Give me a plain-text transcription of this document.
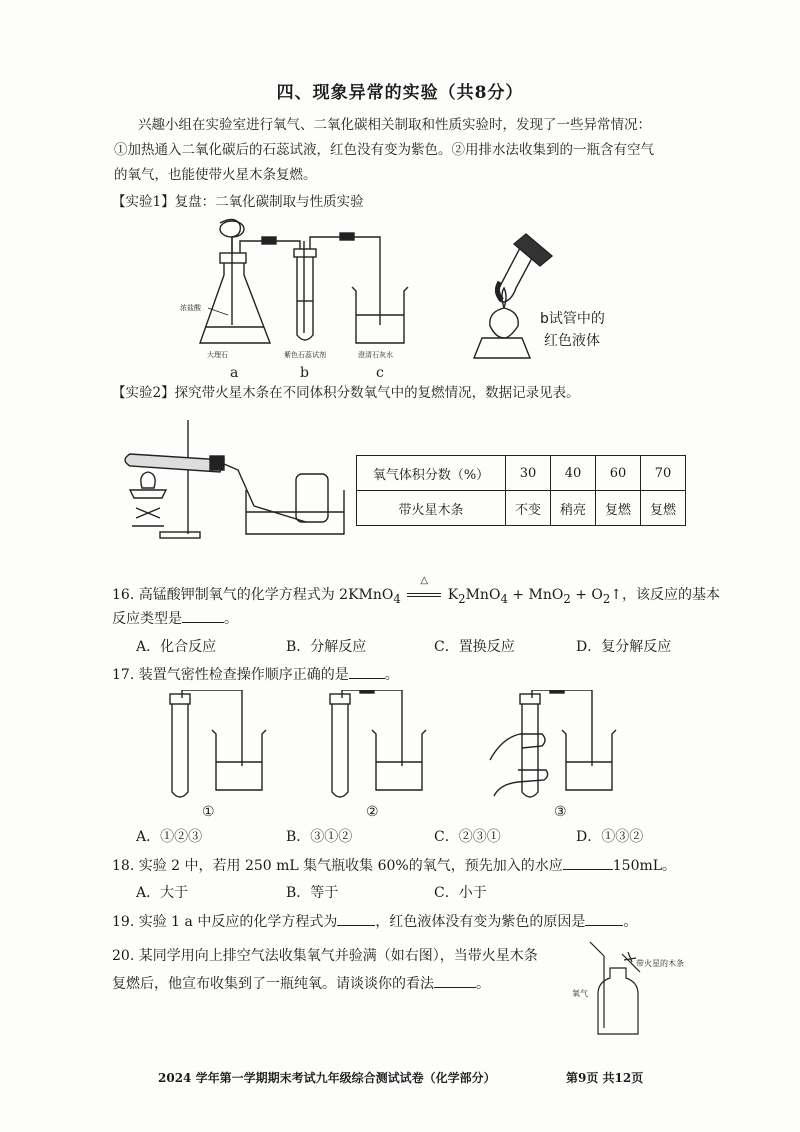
四、现象异常的实验（共8分）
兴趣小组在实验室进行氧气、二氧化碳相关制取和性质实验时，发现了一些异常情况：
①加热通入二氧化碳后的石蕊试液，红色没有变为紫色。②用排水法收集到的一瓶含有空气
的氧气，也能使带火星木条复燃。
【实验1】复盘：二氧化碳制取与性质实验
浓盐酸
大理石	紫色石蕊试剂	澄清石灰水
a	b	c
b试管中的
红色液体
【实验2】探究带火星木条在不同体积分数氧气中的复燃情况，数据记录见表。
氧气体积分数（%）	30	40	60	70
带火星木条	不变	稍亮	复燃	复燃
16. 高锰酸钾制氧气的化学方程式为 2KMnO$_4$
△
$K_2MnO_4 + MnO_2$ + $O_2↑$，该反应的基本
反应类型是	。
A．化合反应	B．分解反应	C．置换反应	D．复分解反应
17. 装置气密性检查操作顺序正确的是	。
①	②	③
A．①②③	B．③①②	C．②③①	D．①③②
18. 实验 2 中，若用 250 mL 集气瓶收集 60%的氧气，预先加入的水应	150mL。
A．大于	B．等于	C．小于
19. 实验 1 a 中反应的化学方程式为	，红色液体没有变为紫色的原因是	。
20. 某同学用向上排空气法收集氧气并验满（如右图），当带火星木条
复燃后，他宣布收集到了一瓶纯氧。请谈谈你的看法	。
氧气
带火星的木条
2024 学年第一学期期末考试九年级综合测试试卷（化学部分）	第9页 共12页
